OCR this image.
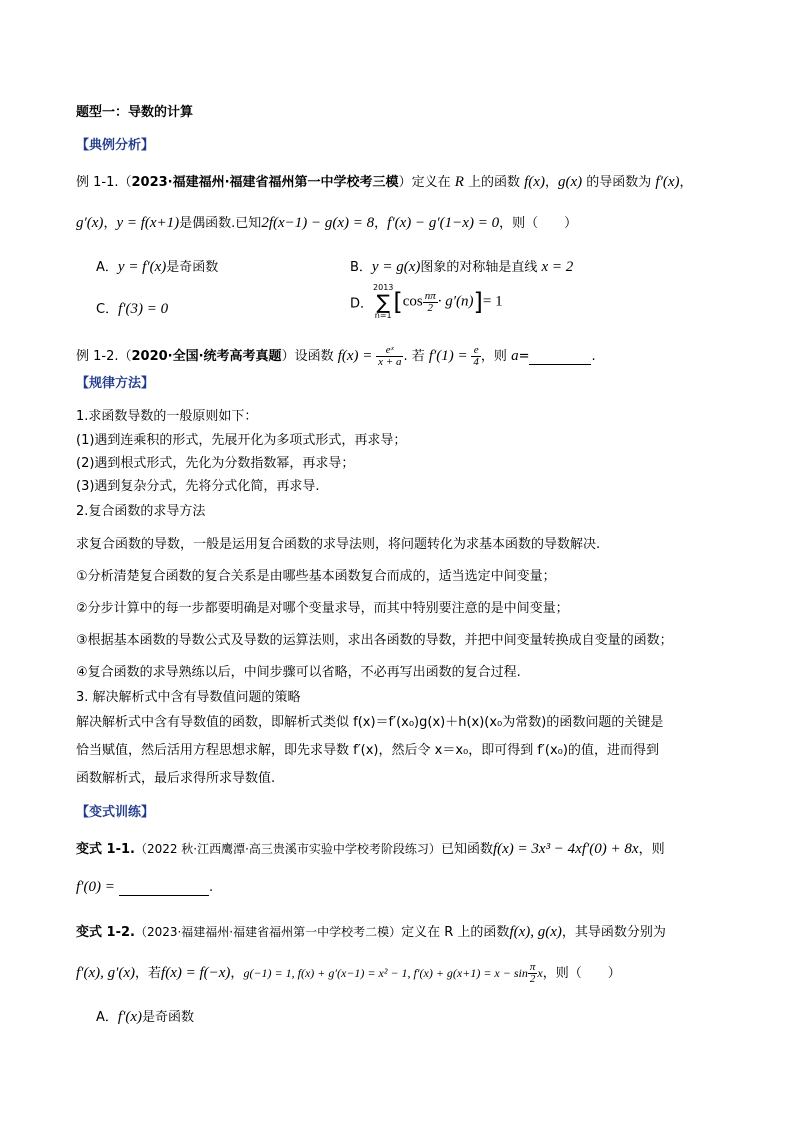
题型一：导数的计算
【典例分析】
例 1-1.（2023·福建福州·福建省福州第一中学校考三模）定义在 R 上的函数 f(x)，g(x) 的导函数为 f′(x)，
g′(x)，y = f(x+1)是偶函数.已知2f(x−1) − g(x) = 8，f′(x) − g′(1−x) = 0，则（　　）
A．y = f′(x)是奇函数	B．y = g(x)图象的对称轴是直线 x = 2
C．f′(3) = 0	D．
2013
∑
n=1 $[\cos \frac{n\pi}{2} \cdot g'(n)]= 1$
例 1-2.（2020·全国·统考高考真题）设函数 $f(x) = \frac{\text{eˣ}}{x + a}$ . 若 $f'(1) = \frac{e}{4}$ ，则 a=	.
【规律方法】
1.求函数导数的一般原则如下：
(1)遇到连乘积的形式，先展开化为多项式形式，再求导；
(2)遇到根式形式，先化为分数指数幂，再求导；
(3)遇到复杂分式，先将分式化简，再求导.
2.复合函数的求导方法
求复合函数的导数，一般是运用复合函数的求导法则，将问题转化为求基本函数的导数解决.
①分析清楚复合函数的复合关系是由哪些基本函数复合而成的，适当选定中间变量；
②分步计算中的每一步都要明确是对哪个变量求导，而其中特别要注意的是中间变量；
③根据基本函数的导数公式及导数的运算法则，求出各函数的导数，并把中间变量转换成自变量的函数；
④复合函数的求导熟练以后，中间步骤可以省略，不必再写出函数的复合过程.
3. 解决解析式中含有导数值问题的策略
解决解析式中含有导数值的函数，即解析式类似 f(x)＝f′(x₀)g(x)＋h(x)(x₀为常数)的函数问题的关键是
恰当赋值，然后活用方程思想求解，即先求导数 f′(x)，然后令 x＝x₀，即可得到 f′(x₀)的值，进而得到
函数解析式，最后求得所求导数值.
【变式训练】
变式 1-1.（2022 秋·江西鹰潭·高三贵溪市实验中学校考阶段练习）已知函数f(x) = 3x³ − 4xf′(0) + 8x，则
f′(0) =	.
变式 1-2.（2023·福建福州·福建省福州第一中学校考二模）定义在 R 上的函数f(x), g(x)，其导函数分别为
f′(x), g′(x)，若f(x) = f(−x)，g(−1) = 1, f(x) + g′(x−1) = x² − 1, $f'(x) + g(x+1) = x - \sin \frac{\pi}{2}$ x，则（　　）
A．f′(x)是奇函数
